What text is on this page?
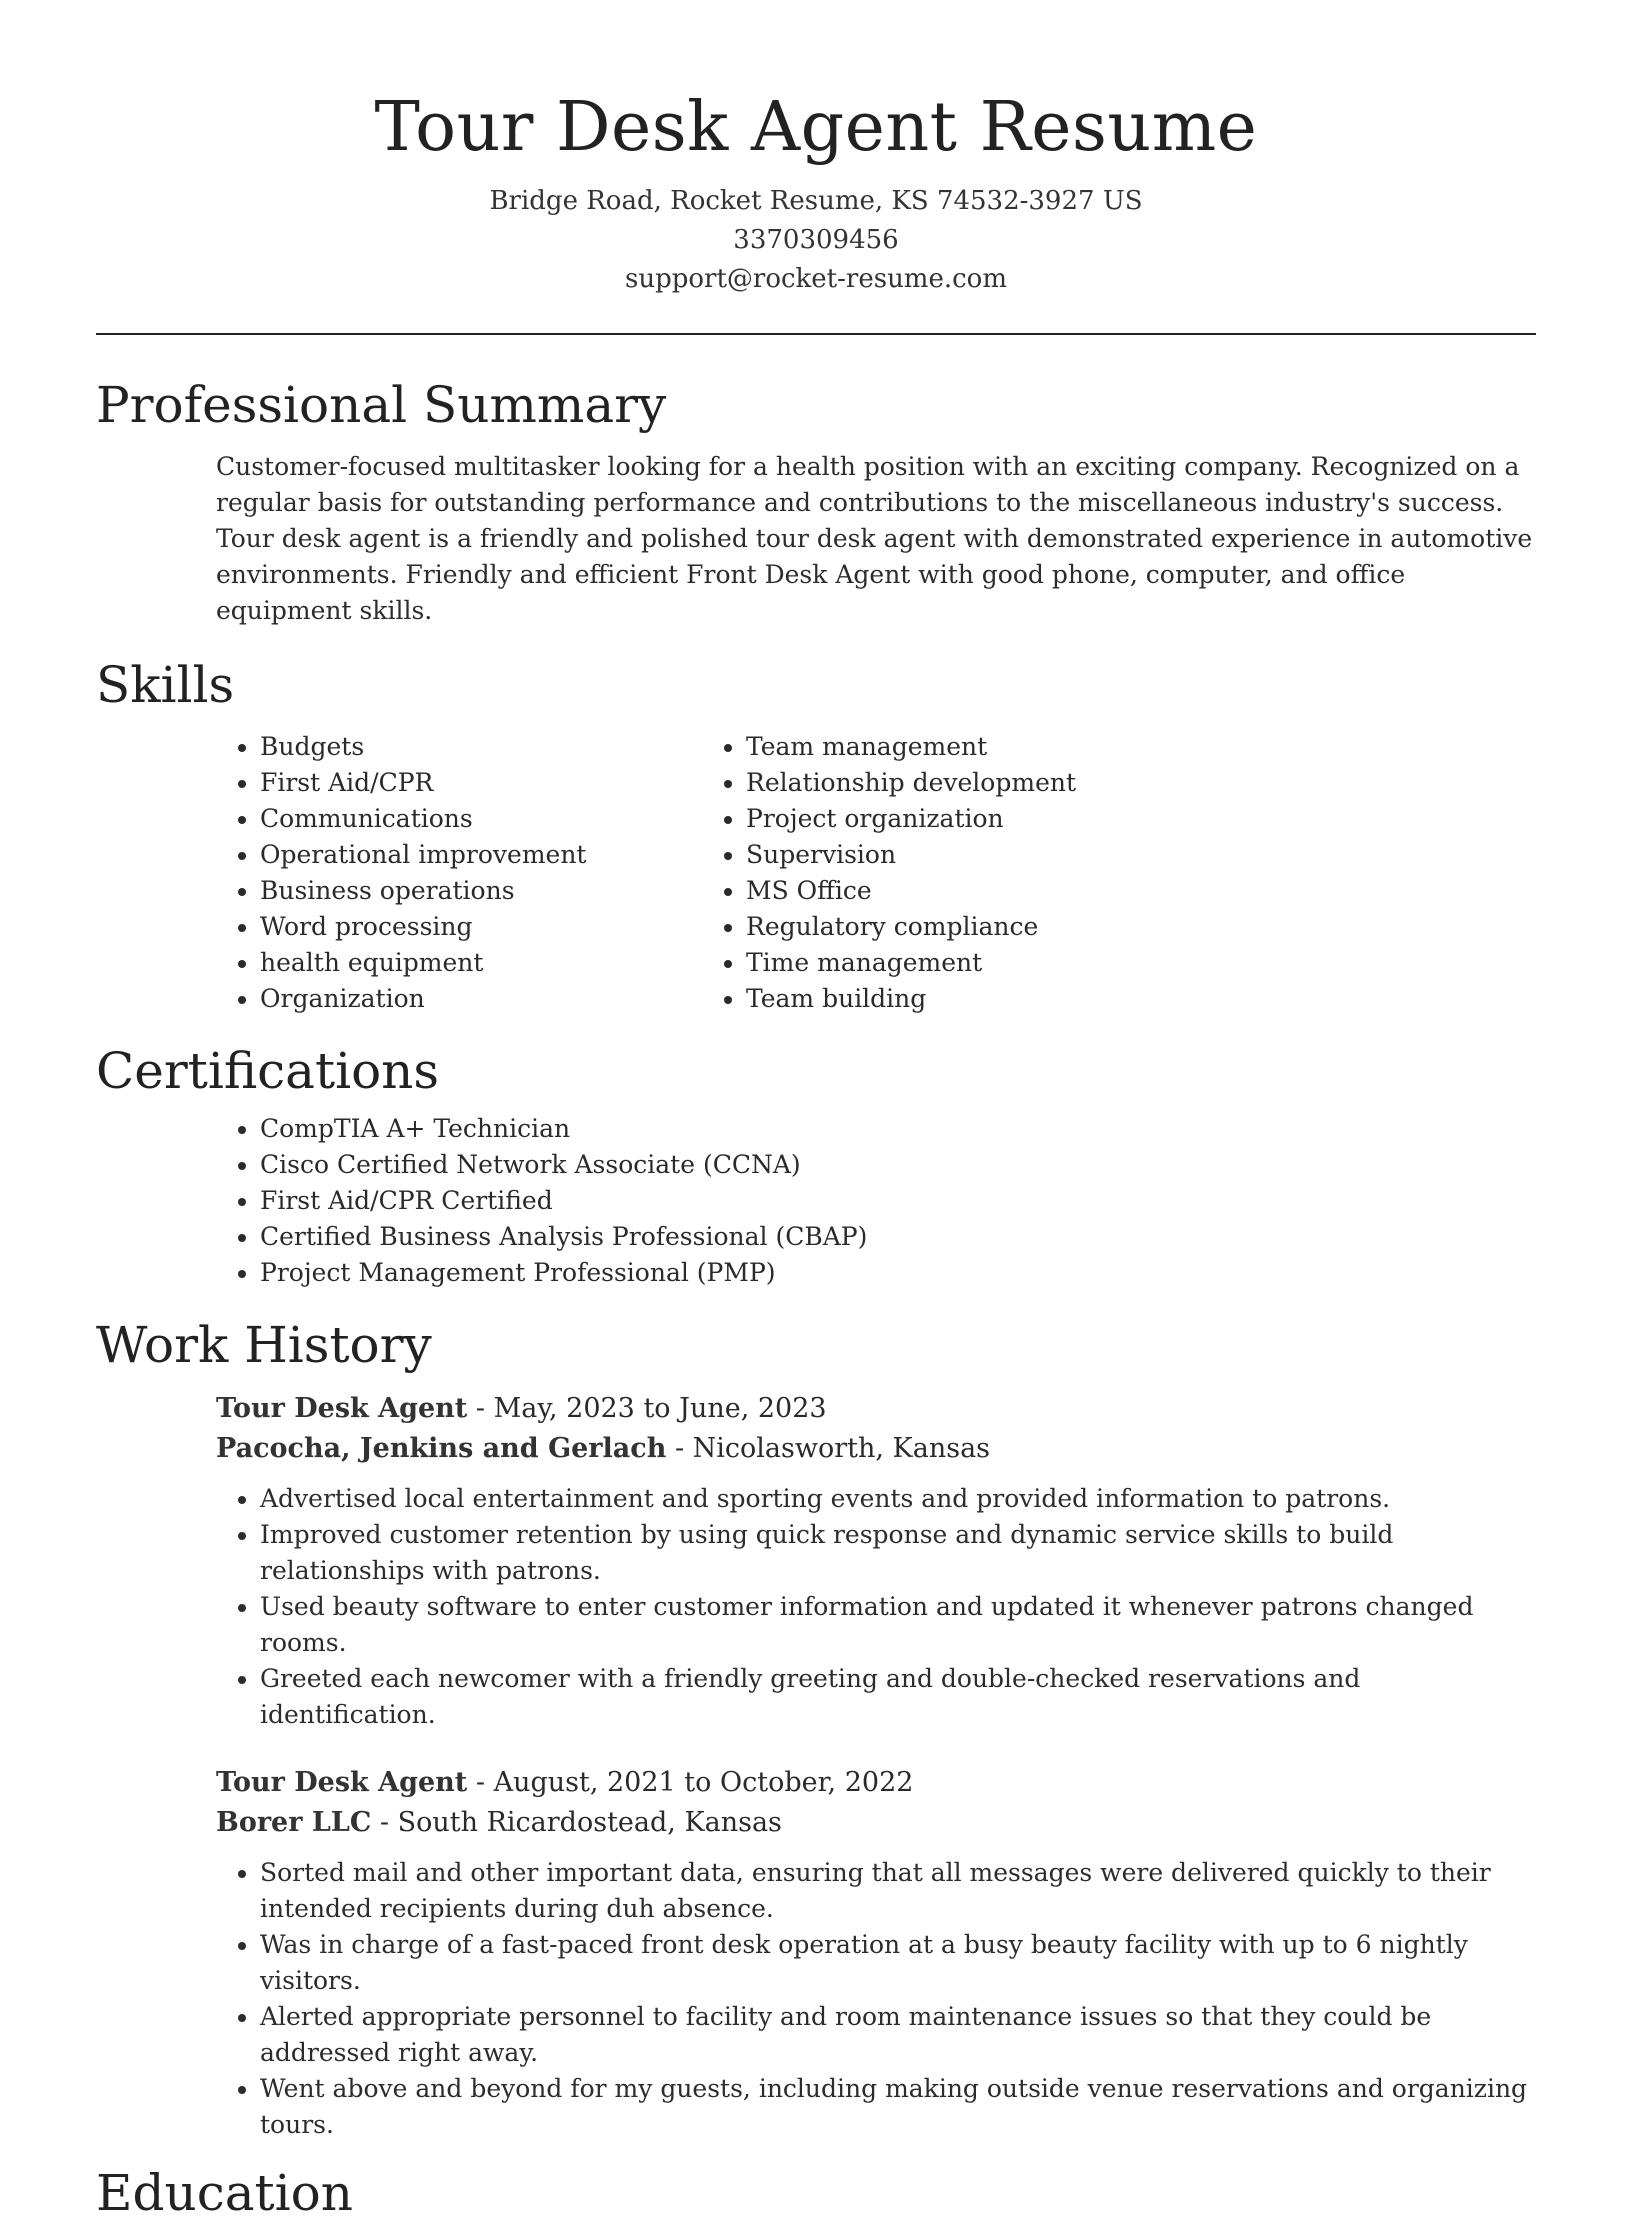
Tour Desk Agent Resume

Bridge Road, Rocket Resume, KS 74532-3927 US

3370309456

support@rocket-resume.com

Professional Summary

Customer-focused multitasker looking for a health position with an exciting company. Recognized on a regular basis for outstanding performance and contributions to the miscellaneous industry's success. Tour desk agent is a friendly and polished tour desk agent with demonstrated experience in automotive environments. Friendly and efficient Front Desk Agent with good phone, computer, and office equipment skills.

Skills
• Budgets
• First Aid/CPR
• Communications
• Operational improvement
• Business operations
• Word processing
• health equipment
• Organization
• Team management
• Relationship development
• Project organization
• Supervision
• MS Office
• Regulatory compliance
• Time management
• Team building
Certifications
• CompTIA A+ Technician
• Cisco Certified Network Associate (CCNA)
• First Aid/CPR Certified
• Certified Business Analysis Professional (CBAP)
• Project Management Professional (PMP)
Work History

Tour Desk Agent - May, 2023 to June, 2023

Pacocha, Jenkins and Gerlach - Nicolasworth, Kansas

• Advertised local entertainment and sporting events and provided information to patrons.
• Improved customer retention by using quick response and dynamic service skills to build relationships with patrons.
• Used beauty software to enter customer information and updated it whenever patrons changed rooms.
• Greeted each newcomer with a friendly greeting and double-checked reservations and identification.

Tour Desk Agent - August, 2021 to October, 2022

Borer LLC - South Ricardostead, Kansas

• Sorted mail and other important data, ensuring that all messages were delivered quickly to their intended recipients during duh absence.
• Was in charge of a fast-paced front desk operation at a busy beauty facility with up to 6 nightly visitors.
• Alerted appropriate personnel to facility and room maintenance issues so that they could be addressed right away.
• Went above and beyond for my guests, including making outside venue reservations and organizing tours.
Education
